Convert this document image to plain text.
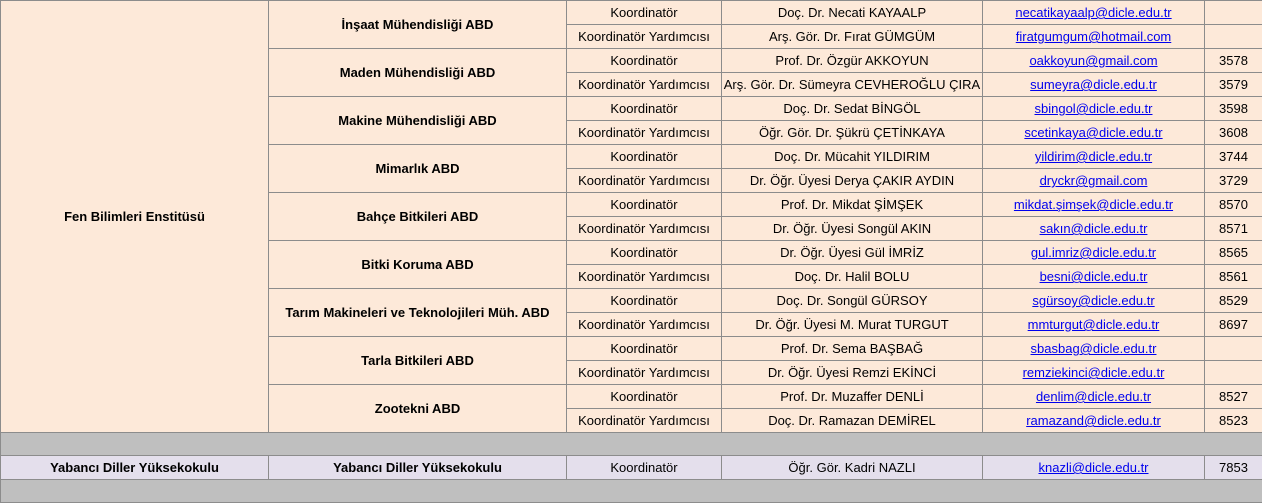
Fen Bilimleri Enstitüsü	İnşaat Mühendisliği ABD	Koordinatör	Doç. Dr. Necati KAYAALP	necatikayaalp@dicle.edu.tr	
		Koordinatör Yardımcısı	Arş. Gör. Dr. Fırat GÜMGÜM	firatgumgum@hotmail.com	
	Maden Mühendisliği ABD	Koordinatör	Prof. Dr. Özgür AKKOYUN	oakkoyun@gmail.com	3578
		Koordinatör Yardımcısı	Arş. Gör. Dr. Sümeyra CEVHEROĞLU ÇIRA	sumeyra@dicle.edu.tr	3579
	Makine Mühendisliği ABD	Koordinatör	Doç. Dr. Sedat BİNGÖL	sbingol@dicle.edu.tr	3598
		Koordinatör Yardımcısı	Öğr. Gör. Dr. Şükrü ÇETİNKAYA	scetinkaya@dicle.edu.tr	3608
	Mimarlık ABD	Koordinatör	Doç. Dr. Mücahit YILDIRIM	yildirim@dicle.edu.tr	3744
		Koordinatör Yardımcısı	Dr. Öğr. Üyesi Derya ÇAKIR AYDIN	dryckr@gmail.com	3729
	Bahçe Bitkileri ABD	Koordinatör	Prof. Dr. Mikdat ŞİMŞEK	mikdat.şimşek@dicle.edu.tr	8570
		Koordinatör Yardımcısı	Dr. Öğr. Üyesi Songül AKIN	sakın@dicle.edu.tr	8571
	Bitki Koruma ABD	Koordinatör	Dr. Öğr. Üyesi Gül İMRİZ	gul.imriz@dicle.edu.tr	8565
		Koordinatör Yardımcısı	Doç. Dr. Halil BOLU	besni@dicle.edu.tr	8561
	Tarım Makineleri ve Teknolojileri Müh. ABD	Koordinatör	Doç. Dr. Songül GÜRSOY	sgürsoy@dicle.edu.tr	8529
		Koordinatör Yardımcısı	Dr. Öğr. Üyesi M. Murat TURGUT	mmturgut@dicle.edu.tr	8697
	Tarla Bitkileri ABD	Koordinatör	Prof. Dr. Sema BAŞBAĞ	sbasbag@dicle.edu.tr	
		Koordinatör Yardımcısı	Dr. Öğr. Üyesi Remzi EKİNCİ	remziekinci@dicle.edu.tr	
	Zootekni ABD	Koordinatör	Prof. Dr. Muzaffer DENLİ	denlim@dicle.edu.tr	8527
		Koordinatör Yardımcısı	Doç. Dr. Ramazan DEMİREL	ramazand@dicle.edu.tr	8523

Yabancı Diller Yüksekokulu	Yabancı Diller Yüksekokulu	Koordinatör	Öğr. Gör. Kadri NAZLI	knazli@dicle.edu.tr	7853
